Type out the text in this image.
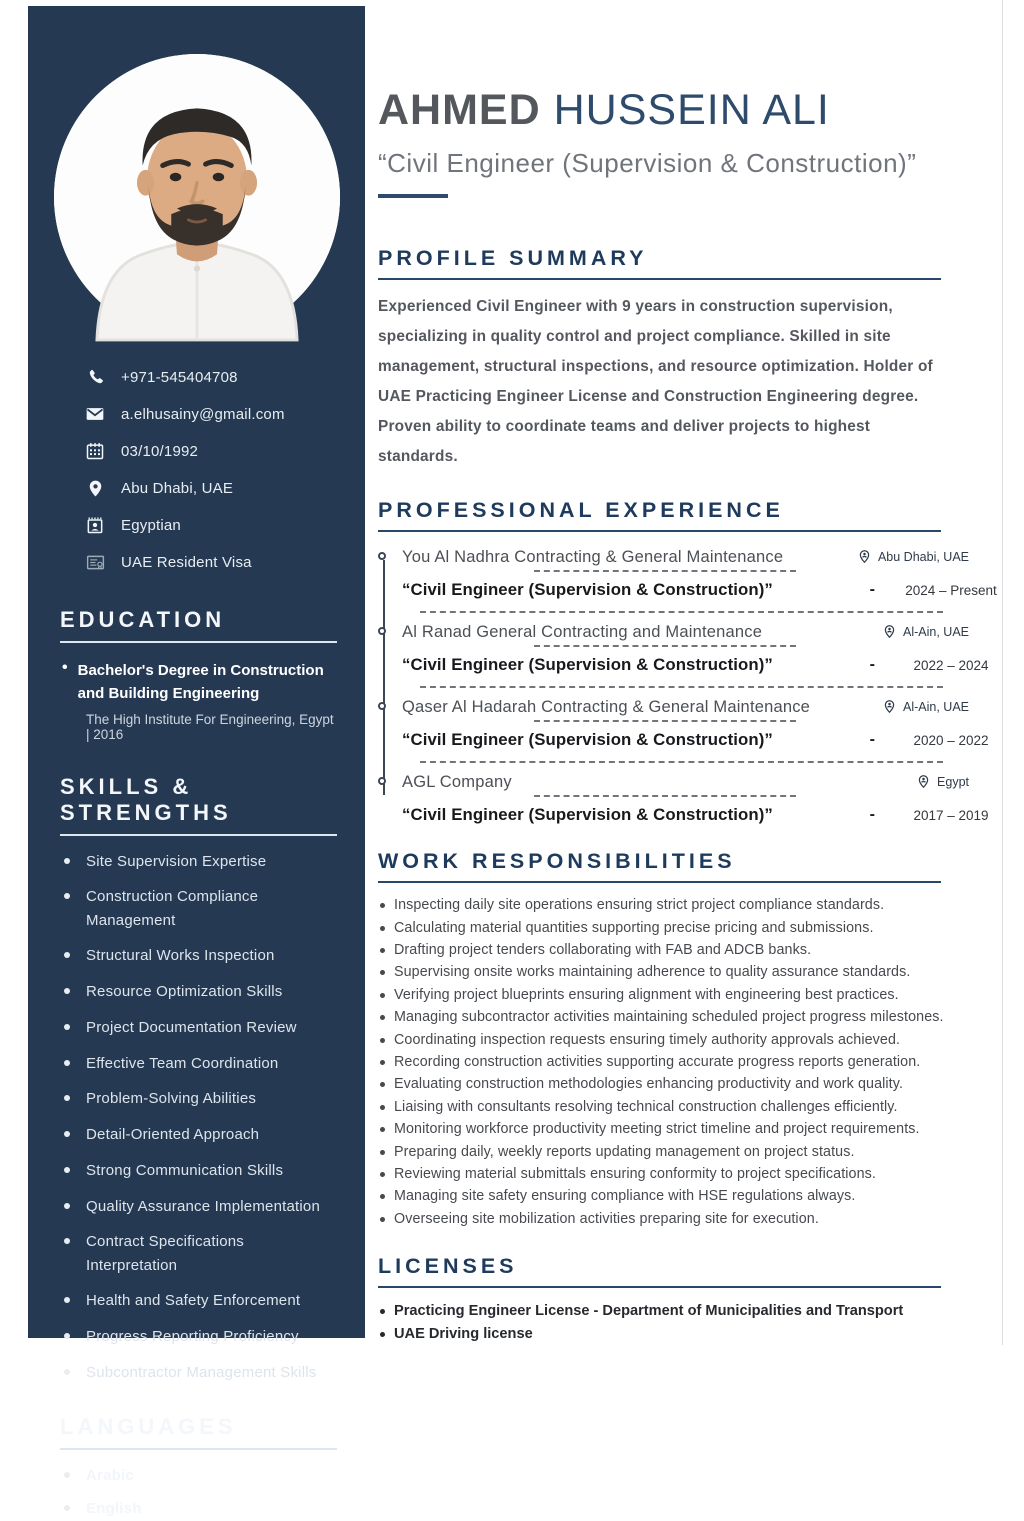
+971-545404708
a.elhusainy@gmail.com
03/10/1992
Abu Dhabi, UAE
Egyptian
UAE Resident Visa
EDUCATION
• Bachelor's Degree in Construction and Building Engineering
The High Institute For Engineering, Egypt | 2016
SKILLS & STRENGTHS
Site Supervision Expertise
Construction Compliance Management
Structural Works Inspection
Resource Optimization Skills
Project Documentation Review
Effective Team Coordination
Problem-Solving Abilities
Detail-Oriented Approach
Strong Communication Skills
Quality Assurance Implementation
Contract Specifications Interpretation
Health and Safety Enforcement
Progress Reporting Proficiency
Subcontractor Management Skills
LANGUAGES
Arabic
English
AHMED HUSSEIN ALI

“Civil Engineer (Supervision & Construction)”

PROFILE SUMMARY

Experienced Civil Engineer with 9 years in construction supervision, specializing in quality control and project compliance. Skilled in site management, structural inspections, and resource optimization. Holder of UAE Practicing Engineer License and Construction Engineering degree. Proven ability to coordinate teams and deliver projects to highest standards.

PROFESSIONAL EXPERIENCE
You Al Nadhra Contracting & General Maintenance	Abu Dhabi, UAE
“Civil Engineer (Supervision & Construction)”	-	2024 – Present
Al Ranad General Contracting and Maintenance	Al-Ain, UAE
“Civil Engineer (Supervision & Construction)”	-	2022 – 2024
Qaser Al Hadarah Contracting & General Maintenance	Al-Ain, UAE
“Civil Engineer (Supervision & Construction)”	-	2020 – 2022
AGL Company	Egypt
“Civil Engineer (Supervision & Construction)”	-	2017 – 2019
WORK RESPONSIBILITIES
Inspecting daily site operations ensuring strict project compliance standards.
Calculating material quantities supporting precise pricing and submissions.
Drafting project tenders collaborating with FAB and ADCB banks.
Supervising onsite works maintaining adherence to quality assurance standards.
Verifying project blueprints ensuring alignment with engineering best practices.
Managing subcontractor activities maintaining scheduled project progress milestones.
Coordinating inspection requests ensuring timely authority approvals achieved.
Recording construction activities supporting accurate progress reports generation.
Evaluating construction methodologies enhancing productivity and work quality.
Liaising with consultants resolving technical construction challenges efficiently.
Monitoring workforce productivity meeting strict timeline and project requirements.
Preparing daily, weekly reports updating management on project status.
Reviewing material submittals ensuring conformity to project specifications.
Managing site safety ensuring compliance with HSE regulations always.
Overseeing site mobilization activities preparing site for execution.
LICENSES
Practicing Engineer License - Department of Municipalities and Transport
UAE Driving license
